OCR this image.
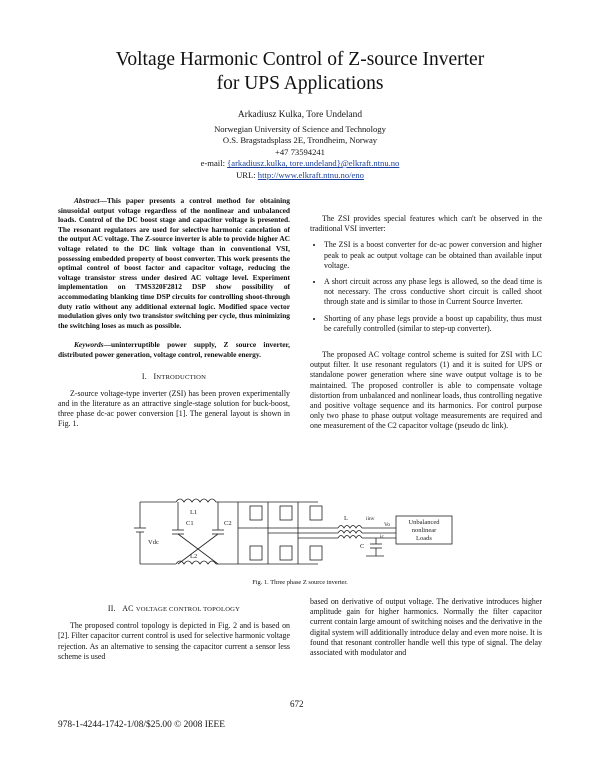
Voltage Harmonic Control of Z-source Inverter
for UPS Applications
Arkadiusz Kulka, Tore Undeland
Norwegian University of Science and Technology
O.S. Bragstadsplass 2E, Trondheim, Norway
+47 73594241
e-mail: {arkadiusz.kulka, tore.undeland}@elkraft.ntnu.no
URL: http://www.elkraft.ntnu.no/eno
Abstract—This paper presents a control method for obtaining sinusoidal output voltage regardless of the nonlinear and unbalanced loads. Control of the DC boost stage and capacitor voltage is presented. The resonant regulators are used for selective harmonic cancelation of the output AC voltage. The Z-source inverter is able to provide higher AC voltage related to the DC link voltage than in conventional VSI, possessing embedded property of boost converter. This work presents the optimal control of boost factor and capacitor voltage, reducing the voltage transistor stress under desired AC voltage level. Experiment implementation on TMS320F2812 DSP show possibility of accommodating blanking time DSP circuits for controlling shoot-through duty ratio without any additional external logic. Modified space vector modulation gives only two transistor switching per cycle, thus minimizing the switching loses as much as possible.
Keywords—uninterruptible power supply, Z source inverter, distributed power generation, voltage control, renewable energy.
I. INTRODUCTION

Z-source voltage-type inverter (ZSI) has been proven experimentally and in the literature as an attractive single-stage solution for buck-boost, three phase dc-ac power conversion [1]. The general layout is shown in Fig. 1.

The ZSI provides special features which can't be observed in the traditional VSI inverter:

• The ZSI is a boost converter for dc-ac power conversion and higher peak to peak ac output voltage can be obtained than available input voltage.
• A short circuit across any phase legs is allowed, so the dead time is not necessary. The cross conductive short circuit is called shoot through state and is similar to those in Current Source Inverter.
• Shorting of any phase legs provide a boost up capability, thus must be carefully controlled (similar to step-up converter).

The proposed AC voltage control scheme is suited for ZSI with LC output filter. It use resonant regulators (1) and it is suited for UPS or standalone power generation where sine wave output voltage is to be maintained. The proposed controller is able to compensate voltage distortion from unbalanced and nonlinear loads, thus controlling negative and positive voltage sequence and its harmonics. For control purpose only two phase to phase output voltage measurements are required and one measurement of the C2 capacitor voltage (pseudo dc link).

Vdc
L1
L2
C1	C2
L	iinv
C
ic
Vo	Unbalanced
nonlinear
Loads
Fig. 1. Three phase Z source inverter.
II. AC VOLTAGE CONTROL TOPOLOGY

The proposed control topology is depicted in Fig. 2 and is based on [2]. Filter capacitor current control is used for selective harmonic voltage rejection. As an alternative to sensing the capacitor current a sensor less scheme is used

based on derivative of output voltage. The derivative introduces higher amplitude gain for higher harmonics. Normally the filter capacitor current contain large amount of switching noises and the derivative in the digital system will additionally introduce delay and even more noise. It is found that resonant controller handle well this type of signal. The delay associated with modulator and

672
978-1-4244-1742-1/08/$25.00 © 2008 IEEE
